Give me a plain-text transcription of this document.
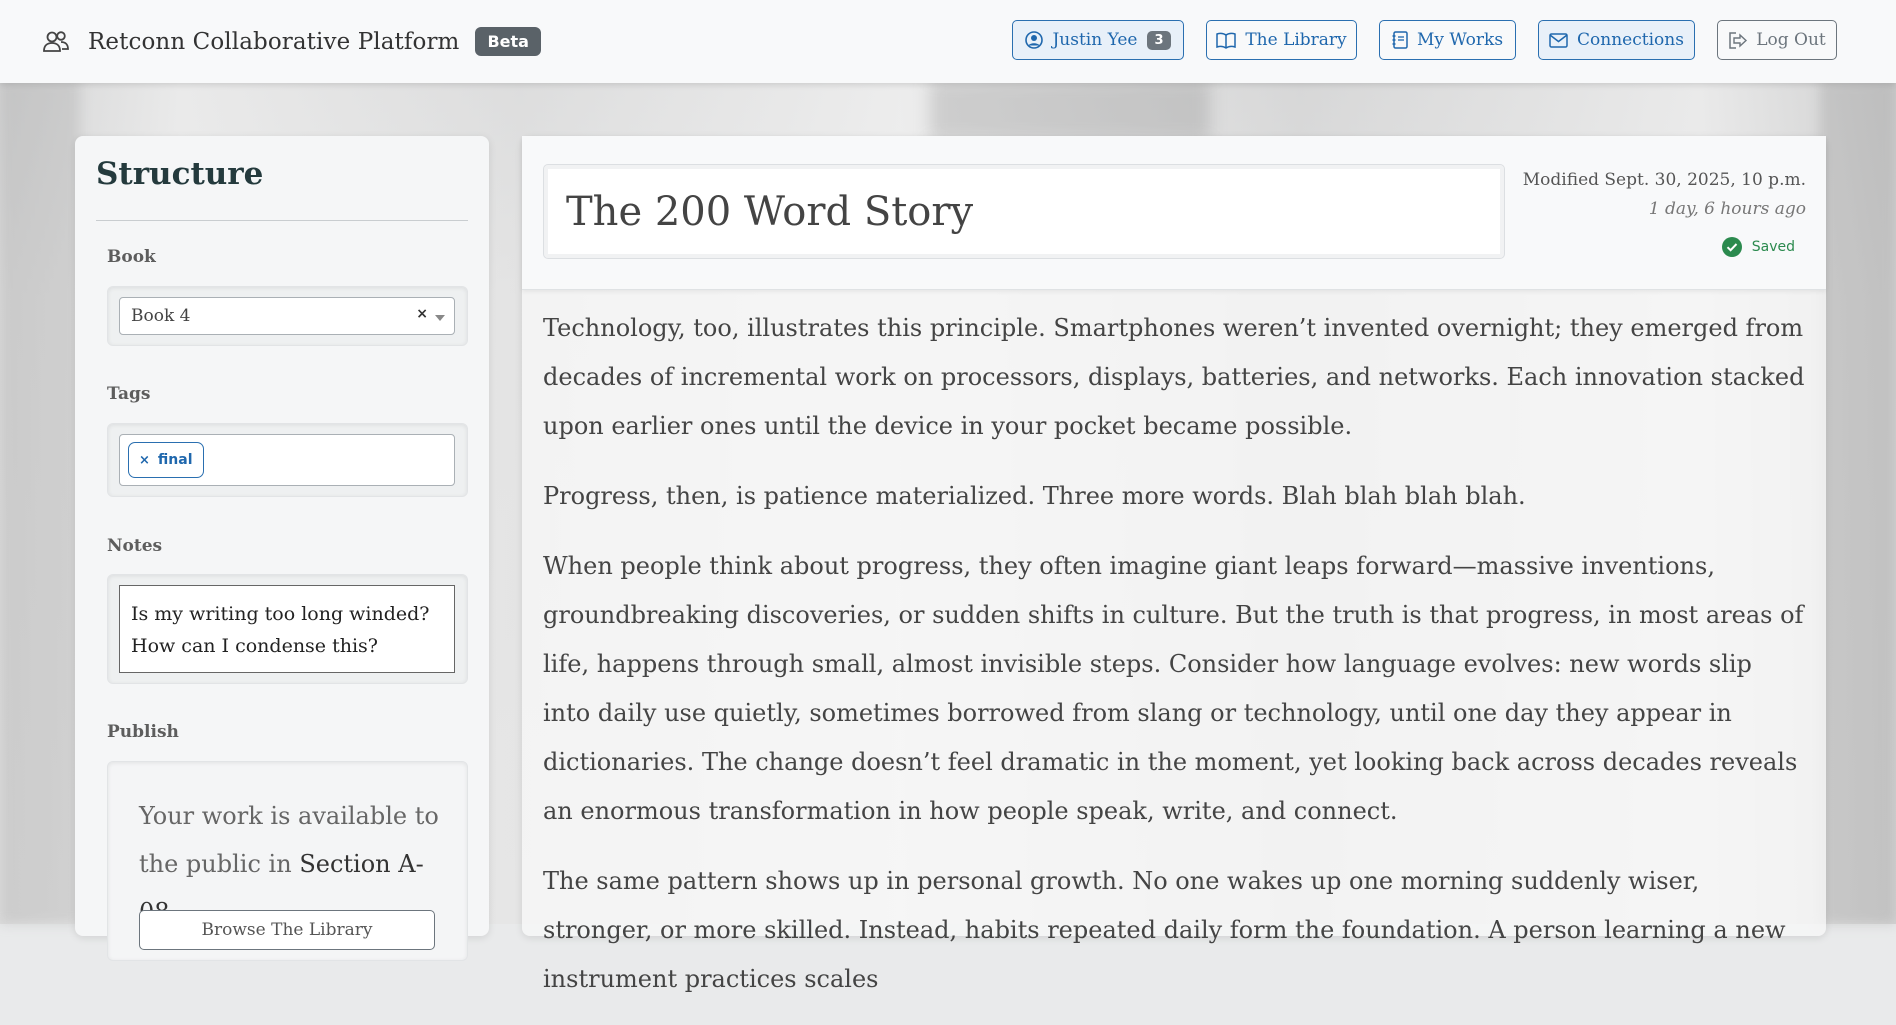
Retconn Collaborative Platform	Beta	Justin Yee	3	The Library	My Works	Connections	Log Out
Structure
Book
Book 4	×
Tags
× final
Notes
Is my writing too long winded? How can I condense this?
Publish
Your work is available to the public in Section A-
Browse The Library
The 200 Word Story
Modified Sept. 30, 2025, 10 p.m.
1 day, 6 hours ago
Saved

Technology, too, illustrates this principle. Smartphones weren’t invented overnight; they emerged from decades of incremental work on processors, displays, batteries, and networks. Each innovation stacked upon earlier ones until the device in your pocket became possible.

Progress, then, is patience materialized. Three more words. Blah blah blah blah.

When people think about progress, they often imagine giant leaps forward—massive inventions, groundbreaking discoveries, or sudden shifts in culture. But the truth is that progress, in most areas of life, happens through small, almost invisible steps. Consider how language evolves: new words slip into daily use quietly, sometimes borrowed from slang or technology, until one day they appear in dictionaries. The change doesn’t feel dramatic in the moment, yet looking back across decades reveals an enormous transformation in how people speak, write, and connect.

The same pattern shows up in personal growth. No one wakes up one morning suddenly wiser, stronger, or more skilled. Instead, habits repeated daily form the foundation. A person learning a new instrument practices scales
